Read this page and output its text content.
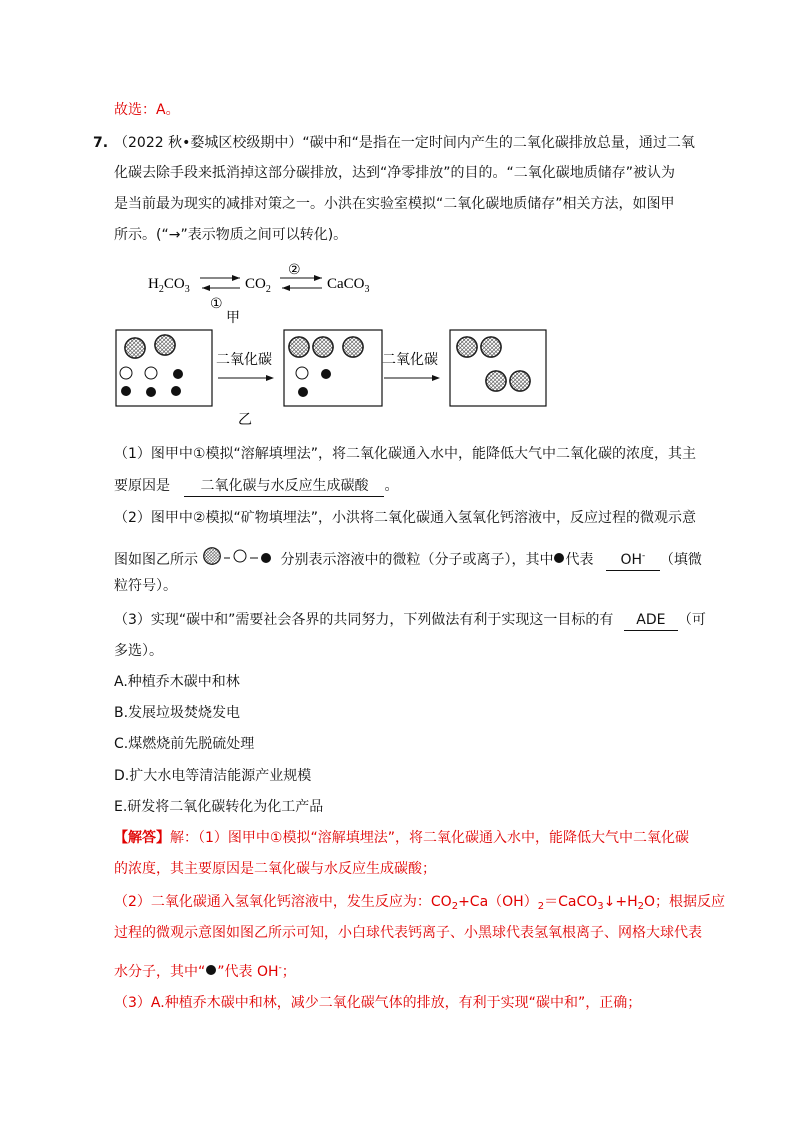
故选：A。
7. （2022 秋•婺城区校级期中）“碳中和“是指在一定时间内产生的二氧化碳排放总量，通过二氧
化碳去除手段来抵消掉这部分碳排放，达到“净零排放”的目的。“二氧化碳地质储存”被认为
是当前最为现实的减排对策之一。小洪在实验室模拟“二氧化碳地质储存”相关方法，如图甲
所示。(“→”表示物质之间可以转化)。
$H_2CO_3$	$CO_2$	CaCO$_3$
②
①
甲
二氧化碳	二氧化碳
乙
（1）图甲中①模拟“溶解填埋法”，将二氧化碳通入水中，能降低大气中二氧化碳的浓度，其主
要原因是 二氧化碳与水反应生成碳酸 。
（2）图甲中②模拟“矿物填埋法”，小洪将二氧化碳通入氢氧化钙溶液中，反应过程的微观示意
图如图乙所示	分别表示溶液中的微粒（分子或离子），其中 代表 OH- （填微
粒符号）。
（3）实现“碳中和”需要社会各界的共同努力，下列做法有利于实现这一目标的有 ADE （可
多选）。
A.种植乔木碳中和林
B.发展垃圾焚烧发电
C.煤燃烧前先脱硫处理
D.扩大水电等清洁能源产业规模
E.研发将二氧化碳转化为化工产品
【解答】解：（1）图甲中①模拟“溶解填埋法”，将二氧化碳通入水中，能降低大气中二氧化碳
的浓度，其主要原因是二氧化碳与水反应生成碳酸；
（2）二氧化碳通入氢氧化钙溶液中，发生反应为：$CO_2+Ca(OH)_2=CaCO_3↓+H_2O$；根据反应
过程的微观示意图如图乙所示可知，小白球代表钙离子、小黑球代表氢氧根离子、网格大球代表
水分子，其中“ ”代表 OH-；
（3）A.种植乔木碳中和林，减少二氧化碳气体的排放，有利于实现“碳中和”，正确；
